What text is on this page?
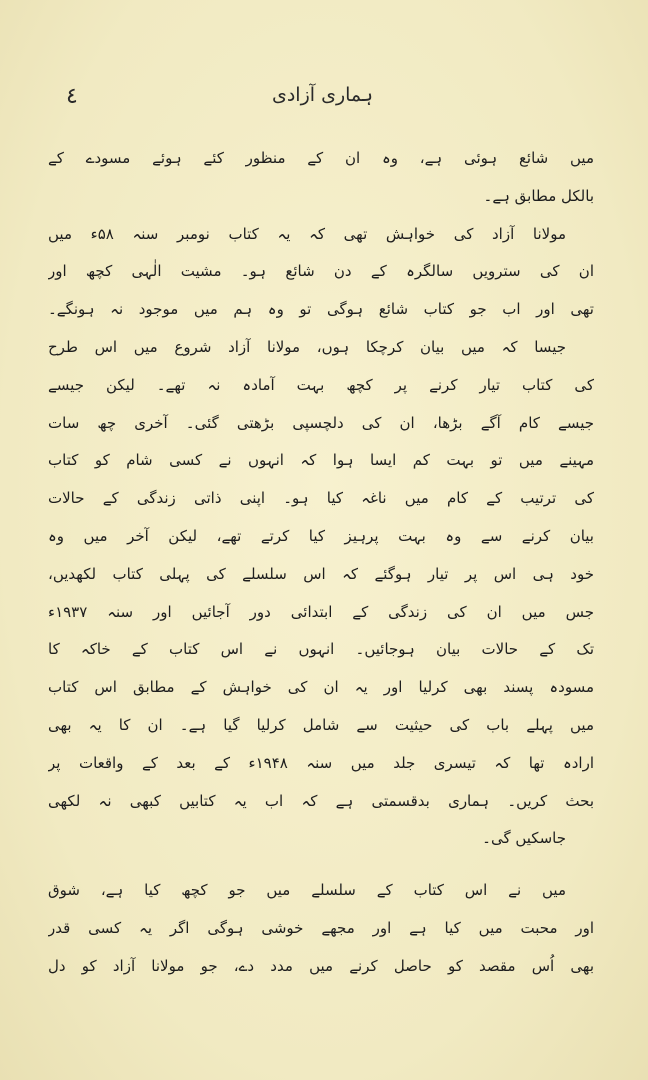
٤	ہماری آزادی
میں شائع ہوئی ہے، وہ ان کے منظور کئے ہوئے مسودے کے
بالکل مطابق ہے۔
مولانا آزاد کی خواہش تھی کہ یہ کتاب نومبر سنہ ۵۸ء میں
ان کی سترویں سالگرہ کے دن شائع ہو۔ مشیت الٰہی کچھ اور
تھی اور اب جو کتاب شائع ہوگی تو وہ ہم میں موجود نہ ہونگے۔
جیسا کہ میں بیان کرچکا ہوں، مولانا آزاد شروع میں اس طرح
کی کتاب تیار کرنے پر کچھ بہت آمادہ نہ تھے۔ لیکن جیسے
جیسے کام آگے بڑھا، ان کی دلچسپی بڑھتی گئی۔ آخری چھ سات
مہینے میں تو بہت کم ایسا ہوا کہ انہوں نے کسی شام کو کتاب
کی ترتیب کے کام میں ناغہ کیا ہو۔ اپنی ذاتی زندگی کے حالات
بیان کرنے سے وہ بہت پرہیز کیا کرتے تھے، لیکن آخر میں وہ
خود ہی اس پر تیار ہوگئے کہ اس سلسلے کی پہلی کتاب لکھدیں،
جس میں ان کی زندگی کے ابتدائی دور آجائیں اور سنہ ۱۹۳۷ء
تک کے حالات بیان ہوجائیں۔ انہوں نے اس کتاب کے خاکہ کا
مسودہ پسند بھی کرلیا اور یہ ان کی خواہش کے مطابق اس کتاب
میں پہلے باب کی حیثیت سے شامل کرلیا گیا ہے۔ ان کا یہ بھی
ارادہ تھا کہ تیسری جلد میں سنہ ۱۹۴۸ء کے بعد کے واقعات پر
بحث کریں۔ ہماری بدقسمتی ہے کہ اب یہ کتابیں کبھی نہ لکھی
جاسکیں گی۔
میں نے اس کتاب کے سلسلے میں جو کچھ کیا ہے، شوق
اور محبت میں کیا ہے اور مجھے خوشی ہوگی اگر یہ کسی قدر
بھی اُس مقصد کو حاصل کرنے میں مدد دے، جو مولانا آزاد کو دل
